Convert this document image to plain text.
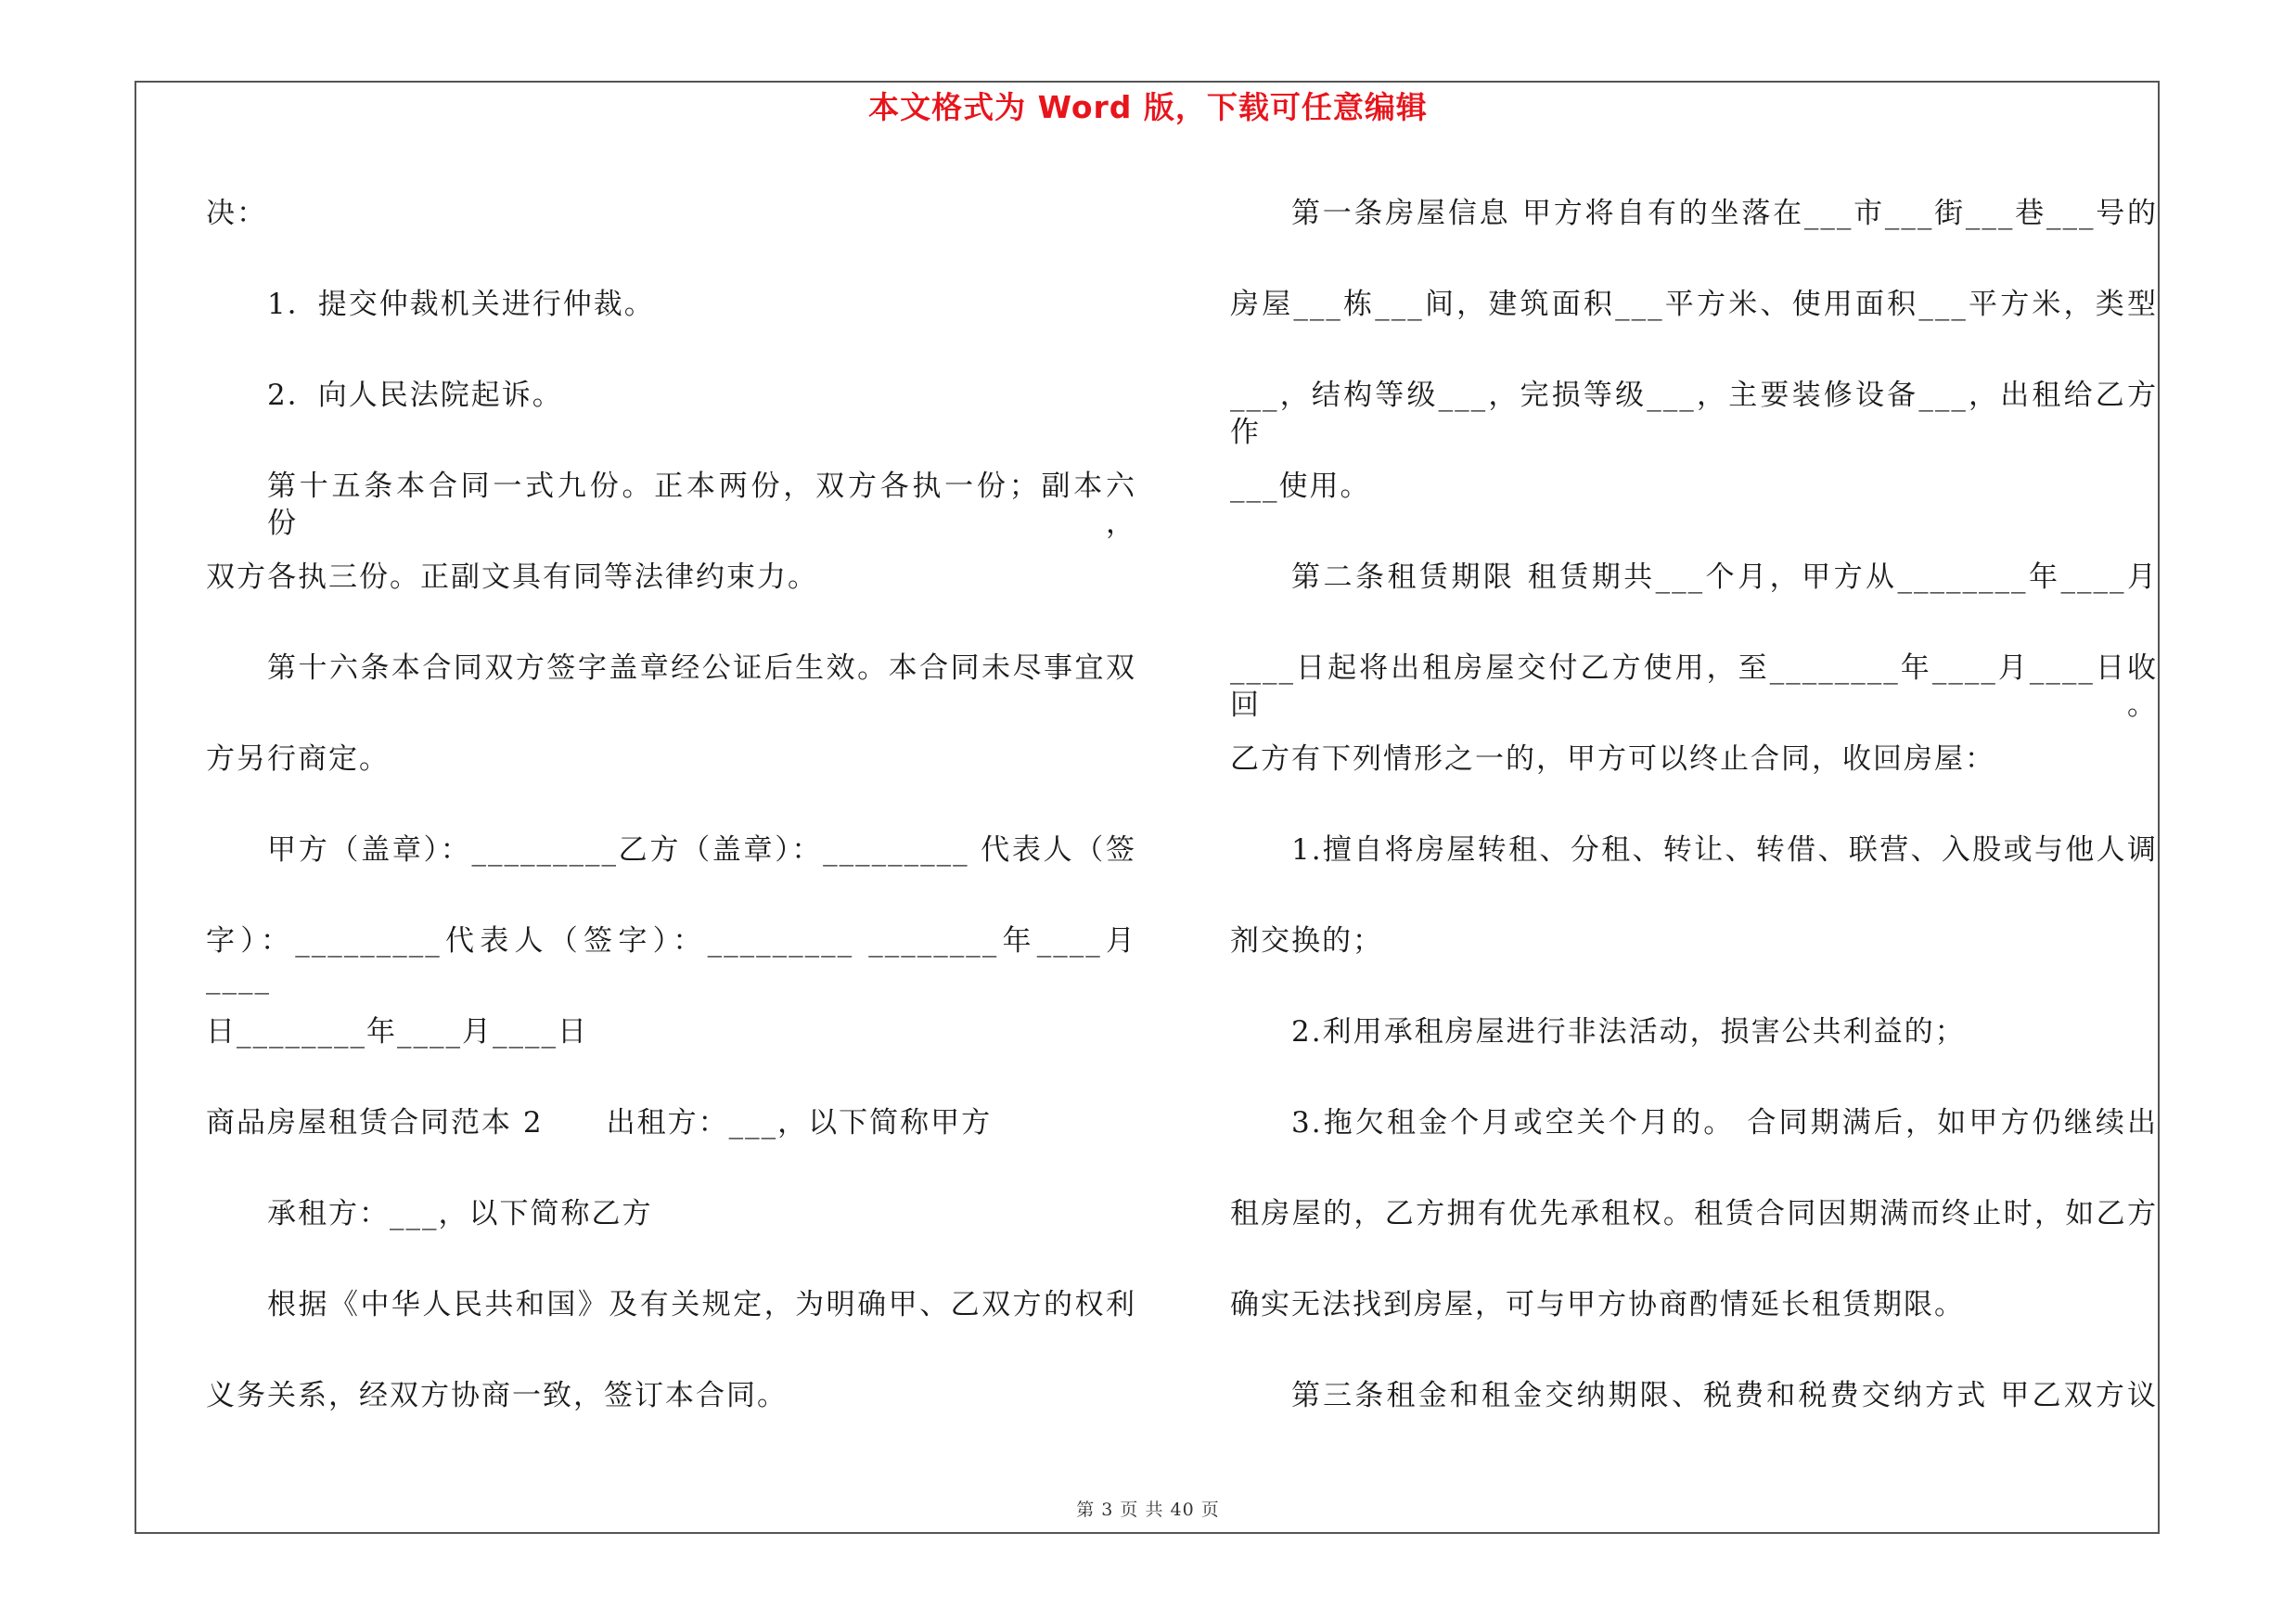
本文格式为 Word 版，下载可任意编辑
决：
1．提交仲裁机关进行仲裁。
2．向人民法院起诉。
第十五条本合同一式九份。正本两份，双方各执一份；副本六份，
双方各执三份。正副文具有同等法律约束力。
第十六条本合同双方签字盖章经公证后生效。本合同未尽事宜双
方另行商定。
甲方（盖章）：_________乙方（盖章）：_________ 代表人（签
字）：_________代表人（签字）：_________ ________年____月____
日________年____月____日
商品房屋租赁合同范本 2 出租方：___，以下简称甲方
承租方：___，以下简称乙方
根据《中华人民共和国》及有关规定，为明确甲、乙双方的权利
义务关系，经双方协商一致，签订本合同。
第一条房屋信息 甲方将自有的坐落在___市___街___巷___号的
房屋___栋___间，建筑面积___平方米、使用面积___平方米，类型
___，结构等级___，完损等级___，主要装修设备___，出租给乙方作
___使用。
第二条租赁期限 租赁期共___个月，甲方从________年____月
____日起将出租房屋交付乙方使用，至________年____月____日收回。
乙方有下列情形之一的，甲方可以终止合同，收回房屋：
1.擅自将房屋转租、分租、转让、转借、联营、入股或与他人调
剂交换的；
2.利用承租房屋进行非法活动，损害公共利益的；
3.拖欠租金个月或空关个月的。 合同期满后，如甲方仍继续出
租房屋的，乙方拥有优先承租权。租赁合同因期满而终止时，如乙方
确实无法找到房屋，可与甲方协商酌情延长租赁期限。
第三条租金和租金交纳期限、税费和税费交纳方式 甲乙双方议
第 3 页 共 40 页
